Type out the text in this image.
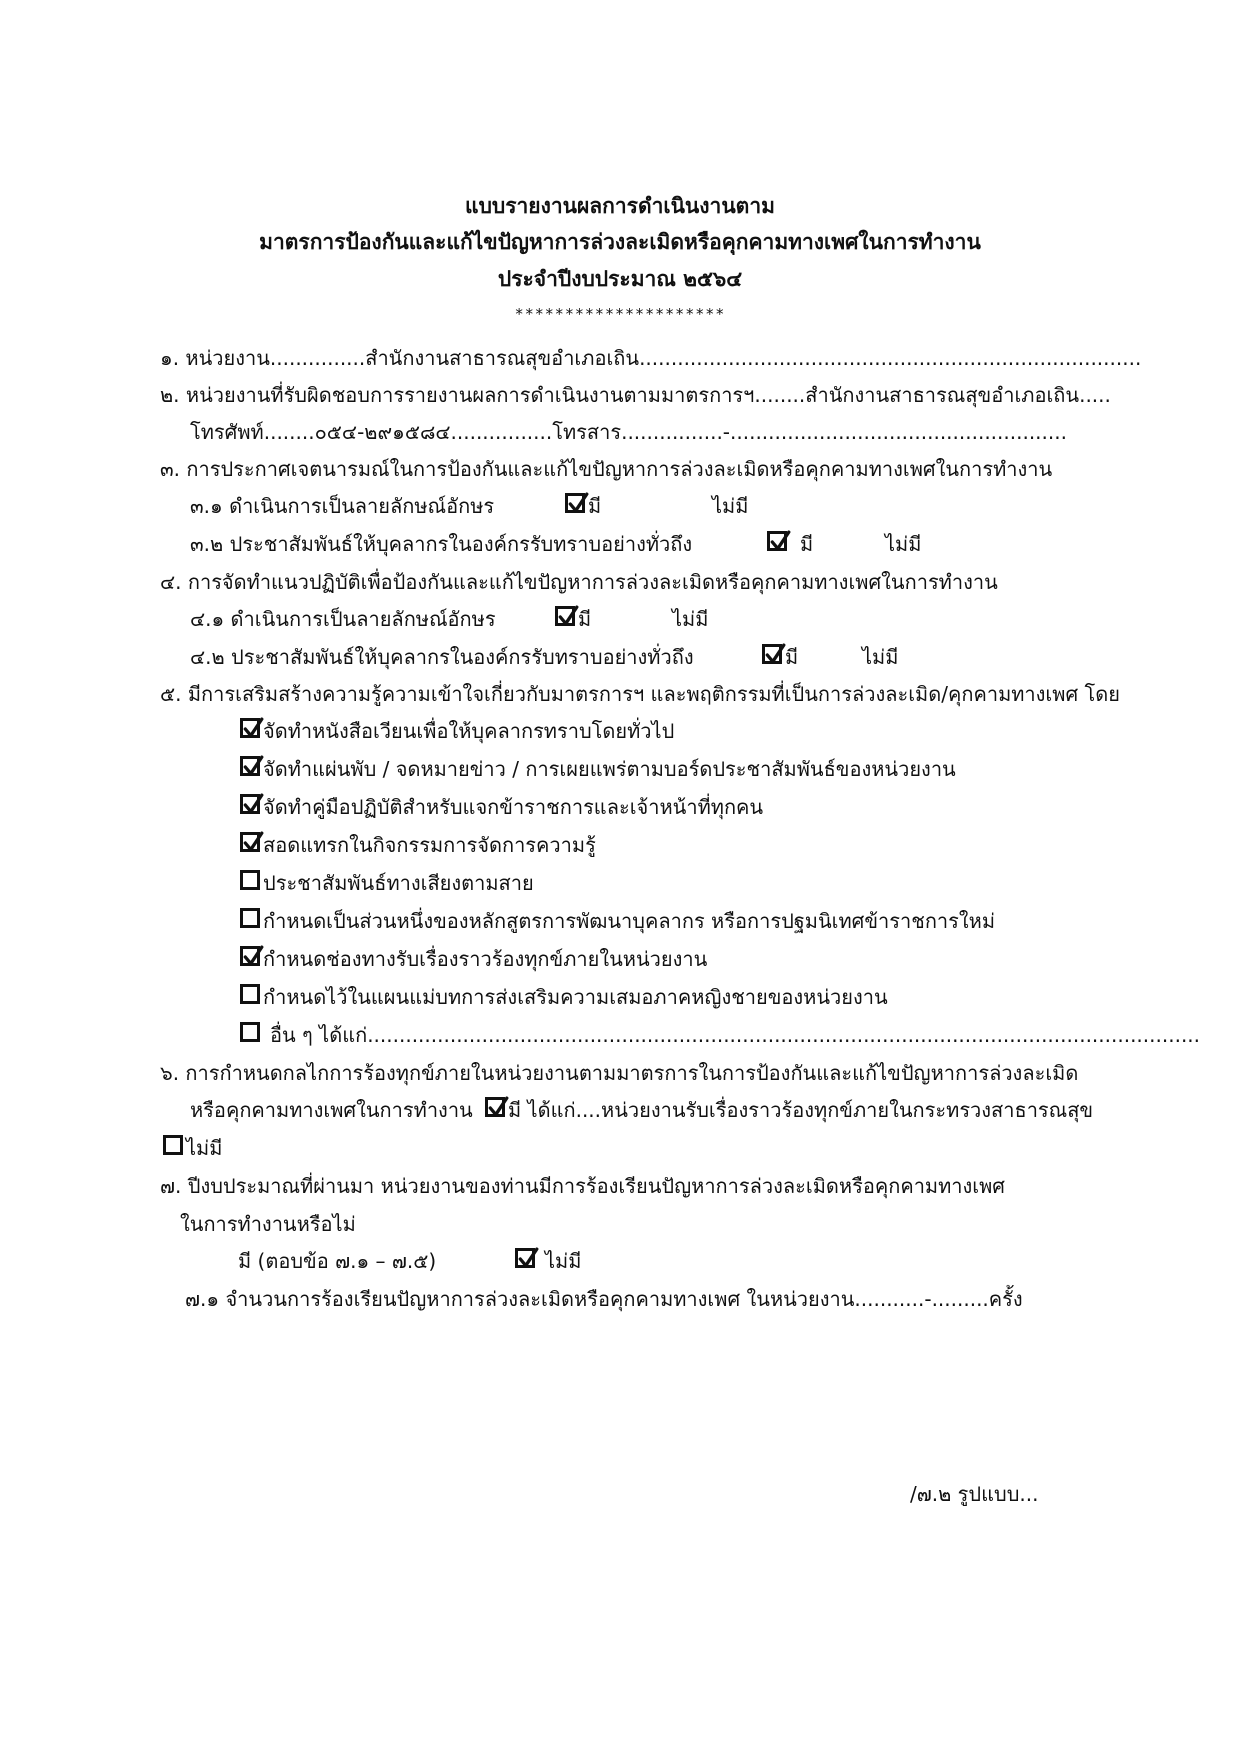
แบบรายงานผลการดำเนินงานตาม
มาตรการป้องกันและแก้ไขปัญหาการล่วงละเมิดหรือคุกคามทางเพศในการทำงาน
ประจำปีงบประมาณ ๒๕๖๔
*********************
๑. หน่วยงาน...............สำนักงานสาธารณสุขอำเภอเถิน...............................................................................
๒. หน่วยงานที่รับผิดชอบการรายงานผลการดำเนินงานตามมาตรการฯ........สำนักงานสาธารณสุขอำเภอเถิน.....
โทรศัพท์........๐๕๔-๒๙๑๕๘๔................โทรสาร................-.....................................................
๓. การประกาศเจตนารมณ์ในการป้องกันและแก้ไขปัญหาการล่วงละเมิดหรือคุกคามทางเพศในการทำงาน
๓.๑ ดำเนินการเป็นลายลักษณ์อักษร	มี	ไม่มี
๓.๒ ประชาสัมพันธ์ให้บุคลากรในองค์กรรับทราบอย่างทั่วถึง	มี	ไม่มี
๔. การจัดทำแนวปฏิบัติเพื่อป้องกันและแก้ไขปัญหาการล่วงละเมิดหรือคุกคามทางเพศในการทำงาน
๔.๑ ดำเนินการเป็นลายลักษณ์อักษร	มี	ไม่มี
๔.๒ ประชาสัมพันธ์ให้บุคลากรในองค์กรรับทราบอย่างทั่วถึง	มี	ไม่มี
๕. มีการเสริมสร้างความรู้ความเข้าใจเกี่ยวกับมาตรการฯ และพฤติกรรมที่เป็นการล่วงละเมิด/คุกคามทางเพศ โดย
จัดทำหนังสือเวียนเพื่อให้บุคลากรทราบโดยทั่วไป
จัดทำแผ่นพับ / จดหมายข่าว / การเผยแพร่ตามบอร์ดประชาสัมพันธ์ของหน่วยงาน
จัดทำคู่มือปฏิบัติสำหรับแจกข้าราชการและเจ้าหน้าที่ทุกคน
สอดแทรกในกิจกรรมการจัดการความรู้
ประชาสัมพันธ์ทางเสียงตามสาย
กำหนดเป็นส่วนหนึ่งของหลักสูตรการพัฒนาบุคลากร หรือการปฐมนิเทศข้าราชการใหม่
กำหนดช่องทางรับเรื่องราวร้องทุกข์ภายในหน่วยงาน
กำหนดไว้ในแผนแม่บทการส่งเสริมความเสมอภาคหญิงชายของหน่วยงาน
อื่น ๆ ได้แก่...................................................................................................................................
๖. การกำหนดกลไกการร้องทุกข์ภายในหน่วยงานตามมาตรการในการป้องกันและแก้ไขปัญหาการล่วงละเมิด
หรือคุกคามทางเพศในการทำงาน มี ได้แก่....หน่วยงานรับเรื่องราวร้องทุกข์ภายในกระทรวงสาธารณสุข
ไม่มี
๗. ปีงบประมาณที่ผ่านมา หน่วยงานของท่านมีการร้องเรียนปัญหาการล่วงละเมิดหรือคุกคามทางเพศ
ในการทำงานหรือไม่
มี (ตอบข้อ ๗.๑ – ๗.๕)	ไม่มี
๗.๑ จำนวนการร้องเรียนปัญหาการล่วงละเมิดหรือคุกคามทางเพศ ในหน่วยงาน...........-.........ครั้ง
/๗.๒ รูปแบบ...
